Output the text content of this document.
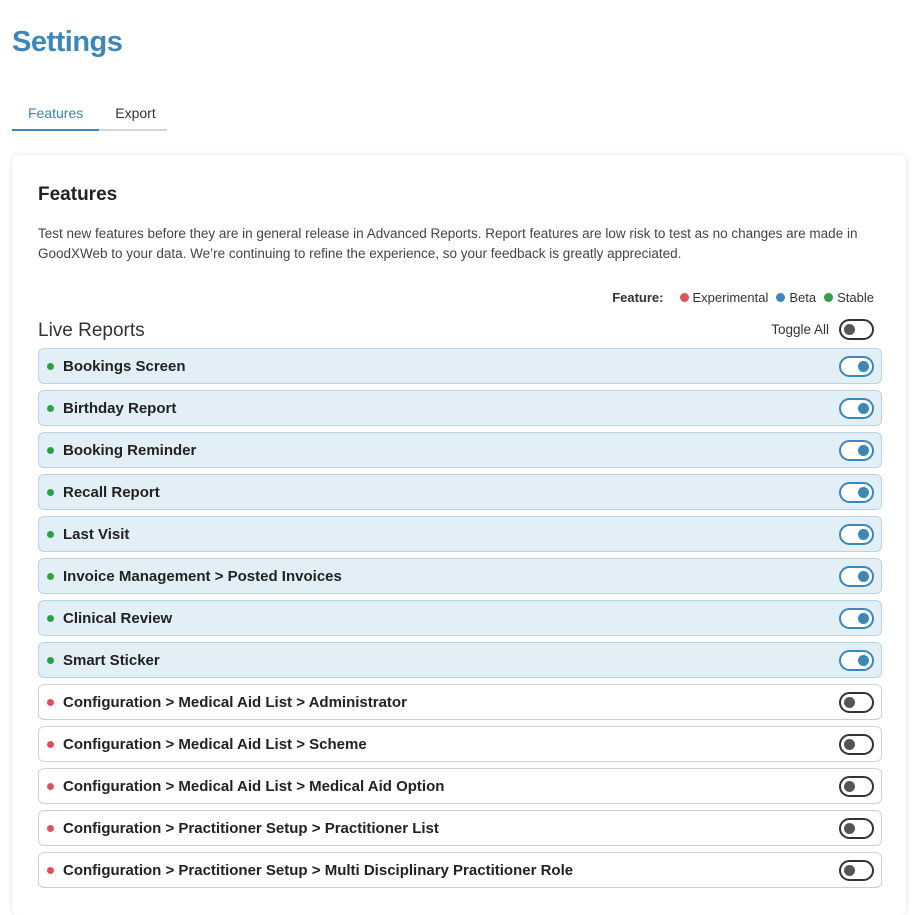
Settings
Features	Export
Features
Test new features before they are in general release in Advanced Reports. Report features are low risk to test as no changes are made in GoodXWeb to your data. We’re continuing to refine the experience, so your feedback is greatly appreciated.
Feature: Experimental Beta Stable
Live Reports	Toggle All
Bookings Screen
Birthday Report
Booking Reminder
Recall Report
Last Visit
Invoice Management > Posted Invoices
Clinical Review
Smart Sticker
Configuration > Medical Aid List > Administrator
Configuration > Medical Aid List > Scheme
Configuration > Medical Aid List > Medical Aid Option
Configuration > Practitioner Setup > Practitioner List
Configuration > Practitioner Setup > Multi Disciplinary Practitioner Role
